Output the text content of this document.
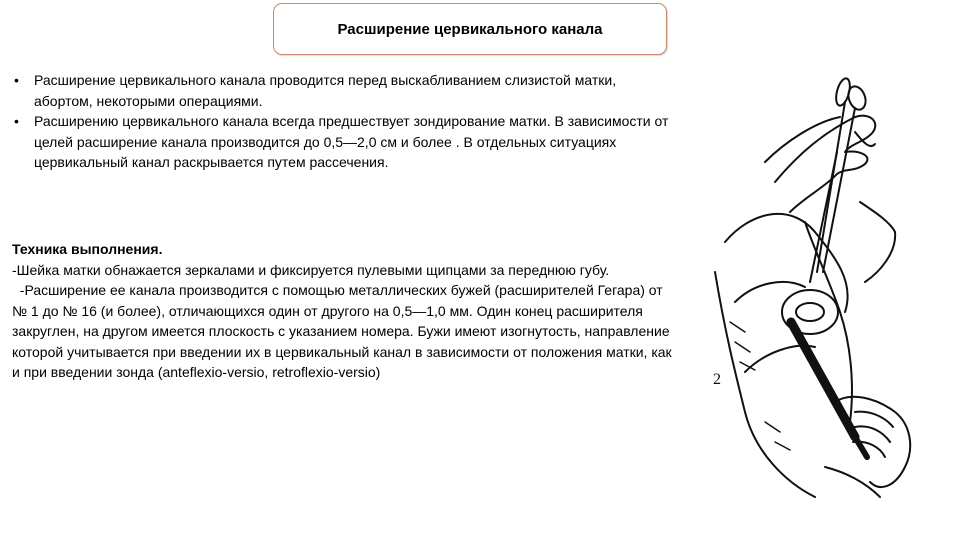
Расширение цервикального канала
• Расширение цервикального канала проводится перед выскабливанием слизистой матки, абортом, некоторыми операциями.
• Расширению цервикального канала всегда предшествует зондирование матки. В зависимости от целей расширение канала производится до 0,5—2,0 см и более . В отдельных ситуациях цервикальный канал раскрывается путем рассечения.

Техника выполнения.

-Шейка матки обнажается зеркалами и фиксируется пулевыми щипцами за переднюю губу.

-Расширение ее канала производится с помощью металлических бужей (расширителей Гегара) от № 1 до № 16 (и более), отличающихся один от другого на 0,5—1,0 мм. Один конец расширителя закруглен, на другом имеется плоскость с указанием номера. Бужи имеют изогнутость, направление которой учитывается при введении их в цервикальный канал в зависимости от положения матки, как и при введении зонда (anteflexio-versio, retroflexio-versio)	2
